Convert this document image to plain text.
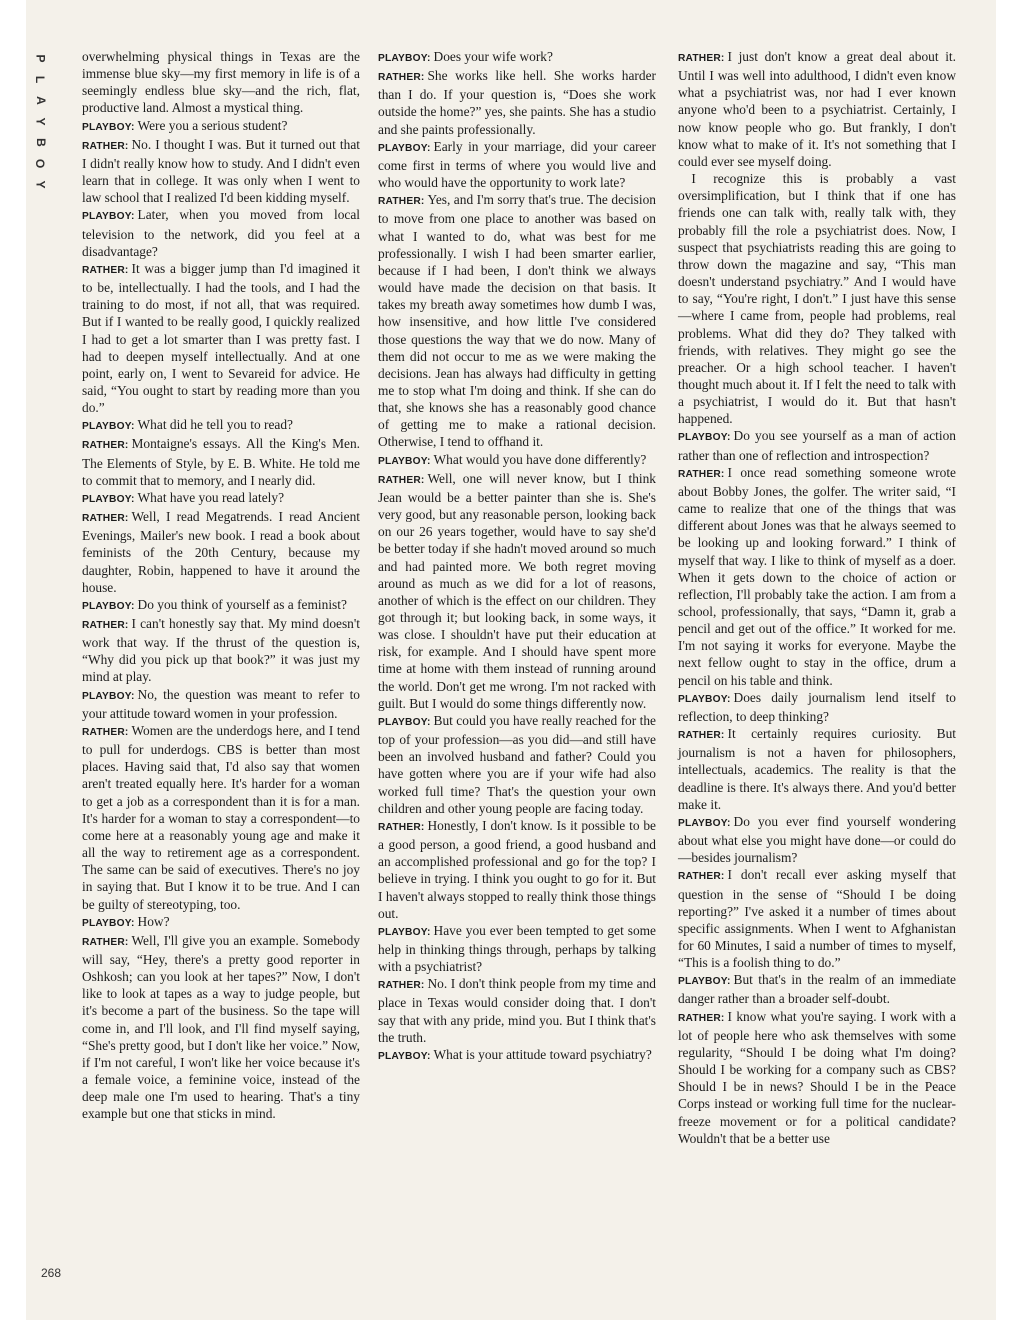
P
L
A
Y
B
O
Y
268

overwhelming physical things in Texas are the immense blue sky—my first memory in life is of a seemingly endless blue sky—and the rich, flat, productive land. Almost a mystical thing.

PLAYBOY : Were you a serious student?

RATHER : No. I thought I was. But it turned out that I didn't really know how to study. And I didn't even learn that in college. It was only when I went to law school that I realized I'd been kidding myself.

PLAYBOY : Later, when you moved from local television to the network, did you feel at a disadvantage?

RATHER : It was a bigger jump than I'd imagined it to be, intellectually. I had the tools, and I had the training to do most, if not all, that was required. But if I wanted to be really good, I quickly realized I had to get a lot smarter than I was pretty fast. I had to deepen myself intellectually. And at one point, early on, I went to Sevareid for advice. He said, “You ought to start by reading more than you do.”

PLAYBOY : What did he tell you to read?

RATHER : Montaigne's essays. All the King's Men. The Elements of Style, by E. B. White. He told me to commit that to memory, and I nearly did.

PLAYBOY : What have you read lately?

RATHER : Well, I read Megatrends. I read Ancient Evenings, Mailer's new book. I read a book about feminists of the 20th Century, because my daughter, Robin, happened to have it around the house.

PLAYBOY : Do you think of yourself as a feminist?

RATHER : I can't honestly say that. My mind doesn't work that way. If the thrust of the question is, “Why did you pick up that book?” it was just my mind at play.

PLAYBOY : No, the question was meant to refer to your attitude toward women in your profession.

RATHER : Women are the underdogs here, and I tend to pull for underdogs. CBS is better than most places. Having said that, I'd also say that women aren't treated equally here. It's harder for a woman to get a job as a correspondent than it is for a man. It's harder for a woman to stay a correspondent—to come here at a reasonably young age and make it all the way to retirement age as a correspondent. The same can be said of executives. There's no joy in saying that. But I know it to be true. And I can be guilty of stereotyping, too.

PLAYBOY : How?

RATHER : Well, I'll give you an example. Somebody will say, “Hey, there's a pretty good reporter in Oshkosh; can you look at her tapes?” Now, I don't like to look at tapes as a way to judge people, but it's become a part of the business. So the tape will come in, and I'll look, and I'll find myself saying, “She's pretty good, but I don't like her voice.” Now, if I'm not careful, I won't like her voice because it's a female voice, a feminine voice, instead of the deep male one I'm used to hearing. That's a tiny example but one that sticks in mind.

PLAYBOY : Does your wife work?

RATHER : She works like hell. She works harder than I do. If your question is, “Does she work outside the home?” yes, she paints. She has a studio and she paints professionally.

PLAYBOY : Early in your marriage, did your career come first in terms of where you would live and who would have the opportunity to work late?

RATHER : Yes, and I'm sorry that's true. The decision to move from one place to another was based on what I wanted to do, what was best for me professionally. I wish I had been smarter earlier, because if I had been, I don't think we always would have made the decision on that basis. It takes my breath away sometimes how dumb I was, how insensitive, and how little I've considered those questions the way that we do now. Many of them did not occur to me as we were making the decisions. Jean has always had difficulty in getting me to stop what I'm doing and think. If she can do that, she knows she has a reasonably good chance of getting me to make a rational decision. Otherwise, I tend to offhand it.

PLAYBOY : What would you have done differently?

RATHER : Well, one will never know, but I think Jean would be a better painter than she is. She's very good, but any reasonable person, looking back on our 26 years together, would have to say she'd be better today if she hadn't moved around so much and had painted more. We both regret moving around as much as we did for a lot of reasons, another of which is the effect on our children. They got through it; but looking back, in some ways, it was close. I shouldn't have put their education at risk, for example. And I should have spent more time at home with them instead of running around the world. Don't get me wrong. I'm not racked with guilt. But I would do some things differently now.

PLAYBOY : But could you have really reached for the top of your profession—as you did—and still have been an involved husband and father? Could you have gotten where you are if your wife had also worked full time? That's the question your own children and other young people are facing today.

RATHER : Honestly, I don't know. Is it possible to be a good person, a good friend, a good husband and an accomplished professional and go for the top? I believe in trying. I think you ought to go for it. But I haven't always stopped to really think those things out.

PLAYBOY : Have you ever been tempted to get some help in thinking things through, perhaps by talking with a psychiatrist?

RATHER : No. I don't think people from my time and place in Texas would consider doing that. I don't say that with any pride, mind you. But I think that's the truth.

PLAYBOY : What is your attitude toward psychiatry?

RATHER : I just don't know a great deal about it. Until I was well into adulthood, I didn't even know what a psychiatrist was, nor had I ever known anyone who'd been to a psychiatrist. Certainly, I now know people who go. But frankly, I don't know what to make of it. It's not something that I could ever see myself doing.

I recognize this is probably a vast oversimplification, but I think that if one has friends one can talk with, really talk with, they probably fill the role a psychiatrist does. Now, I suspect that psychiatrists reading this are going to throw down the magazine and say, “This man doesn't understand psychiatry.” And I would have to say, “You're right, I don't.” I just have this sense—where I came from, people had problems, real problems. What did they do? They talked with friends, with relatives. They might go see the preacher. Or a high school teacher. I haven't thought much about it. If I felt the need to talk with a psychiatrist, I would do it. But that hasn't happened.

PLAYBOY : Do you see yourself as a man of action rather than one of reflection and introspection?

RATHER : I once read something someone wrote about Bobby Jones, the golfer. The writer said, “I came to realize that one of the things that was different about Jones was that he always seemed to be looking up and looking forward.” I think of myself that way. I like to think of myself as a doer. When it gets down to the choice of action or reflection, I'll probably take the action. I am from a school, professionally, that says, “Damn it, grab a pencil and get out of the office.” It worked for me. I'm not saying it works for everyone. Maybe the next fellow ought to stay in the office, drum a pencil on his table and think.

PLAYBOY : Does daily journalism lend itself to reflection, to deep thinking?

RATHER : It certainly requires curiosity. But journalism is not a haven for philosophers, intellectuals, academics. The reality is that the deadline is there. It's always there. And you'd better make it.

PLAYBOY : Do you ever find yourself wondering about what else you might have done—or could do—besides journalism?

RATHER : I don't recall ever asking myself that question in the sense of “Should I be doing reporting?” I've asked it a number of times about specific assignments. When I went to Afghanistan for 60 Minutes, I said a number of times to myself, “This is a foolish thing to do.”

PLAYBOY : But that's in the realm of an immediate danger rather than a broader self-doubt.

RATHER : I know what you're saying. I work with a lot of people here who ask themselves with some regularity, “Should I be doing what I'm doing? Should I be working for a company such as CBS? Should I be in news? Should I be in the Peace Corps instead or working full time for the nuclear-freeze movement or for a political candidate? Wouldn't that be a better use
